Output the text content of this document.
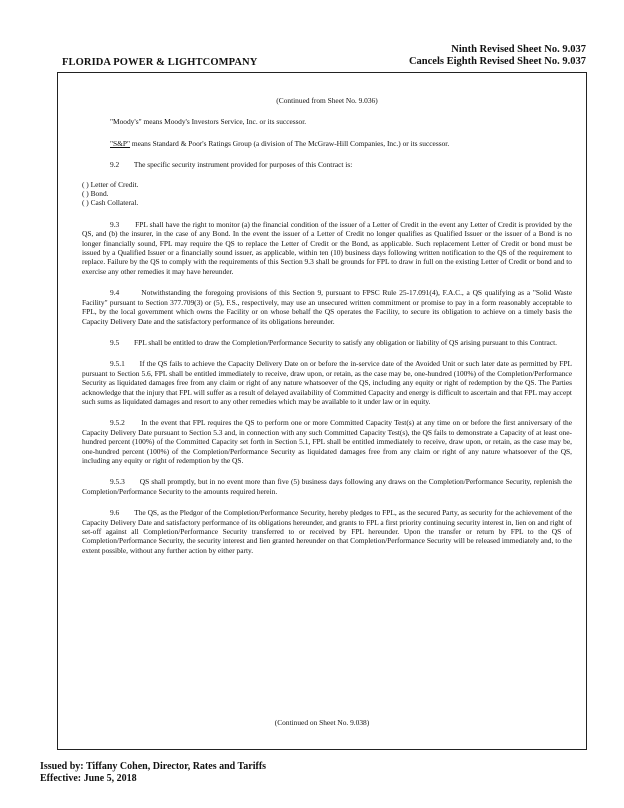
FLORIDA POWER & LIGHTCOMPANY
Ninth Revised Sheet No. 9.037
Cancels Eighth Revised Sheet No. 9.037

(Continued from Sheet No. 9.036)

"Moody's" means Moody's Investors Service, Inc. or its successor.

"S&P" means Standard & Poor's Ratings Group (a division of The McGraw-Hill Companies, Inc.) or its successor.

9.2        The specific security instrument provided for purposes of this Contract is:

( ) Letter of Credit.
( ) Bond.
( ) Cash Collateral.

9.3        FPL shall have the right to monitor (a) the financial condition of the issuer of a Letter of Credit in the event any Letter of Credit is provided by the QS, and (b) the insurer, in the case of any Bond. In the event the issuer of a Letter of Credit no longer qualifies as Qualified Issuer or the issuer of a Bond is no longer financially sound, FPL may require the QS to replace the Letter of Credit or the Bond, as applicable. Such replacement Letter of Credit or bond must be issued by a Qualified Issuer or a financially sound issuer, as applicable, within ten (10) business days following written notification to the QS of the requirement to replace. Failure by the QS to comply with the requirements of this Section 9.3 shall be grounds for FPL to draw in full on the existing Letter of Credit or bond and to exercise any other remedies it may have hereunder.

9.4        Notwithstanding the foregoing provisions of this Section 9, pursuant to FPSC Rule 25-17.091(4), F.A.C., a QS qualifying as a "Solid Waste Facility" pursuant to Section 377.709(3) or (5), F.S., respectively, may use an unsecured written commitment or promise to pay in a form reasonably acceptable to FPL, by the local government which owns the Facility or on whose behalf the QS operates the Facility, to secure its obligation to achieve on a timely basis the Capacity Delivery Date and the satisfactory performance of its obligations hereunder.

9.5        FPL shall be entitled to draw the Completion/Performance Security to satisfy any obligation or liability of QS arising pursuant to this Contract.

9.5.1       If the QS fails to achieve the Capacity Delivery Date on or before the in-service date of the Avoided Unit or such later date as permitted by FPL pursuant to Section 5.6, FPL shall be entitled immediately to receive, draw upon, or retain, as the case may be, one-hundred (100%) of the Completion/Performance Security as liquidated damages free from any claim or right of any nature whatsoever of the QS, including any equity or right of redemption by the QS. The Parties acknowledge that the injury that FPL will suffer as a result of delayed availability of Committed Capacity and energy is difficult to ascertain and that FPL may accept such sums as liquidated damages and resort to any other remedies which may be available to it under law or in equity.

9.5.2       In the event that FPL requires the QS to perform one or more Committed Capacity Test(s) at any time on or before the first anniversary of the Capacity Delivery Date pursuant to Section 5.3 and, in connection with any such Committed Capacity Test(s), the QS fails to demonstrate a Capacity of at least one-hundred percent (100%) of the Committed Capacity set forth in Section 5.1, FPL shall be entitled immediately to receive, draw upon, or retain, as the case may be, one-hundred percent (100%) of the Completion/Performance Security as liquidated damages free from any claim or right of any nature whatsoever of the QS, including any equity or right of redemption by the QS.

9.5.3       QS shall promptly, but in no event more than five (5) business days following any draws on the Completion/Performance Security, replenish the Completion/Performance Security to the amounts required herein.

9.6        The QS, as the Pledgor of the Completion/Performance Security, hereby pledges to FPL, as the secured Party, as security for the achievement of the Capacity Delivery Date and satisfactory performance of its obligations hereunder, and grants to FPL a first priority continuing security interest in, lien on and right of set-off against all Completion/Performance Security transferred to or received by FPL hereunder. Upon the transfer or return by FPL to the QS of Completion/Performance Security, the security interest and lien granted hereunder on that Completion/Performance Security will be released immediately and, to the extent possible, without any further action by either party.

(Continued on Sheet No. 9.038)
Issued by: Tiffany Cohen, Director, Rates and Tariffs
Effective: June 5, 2018
